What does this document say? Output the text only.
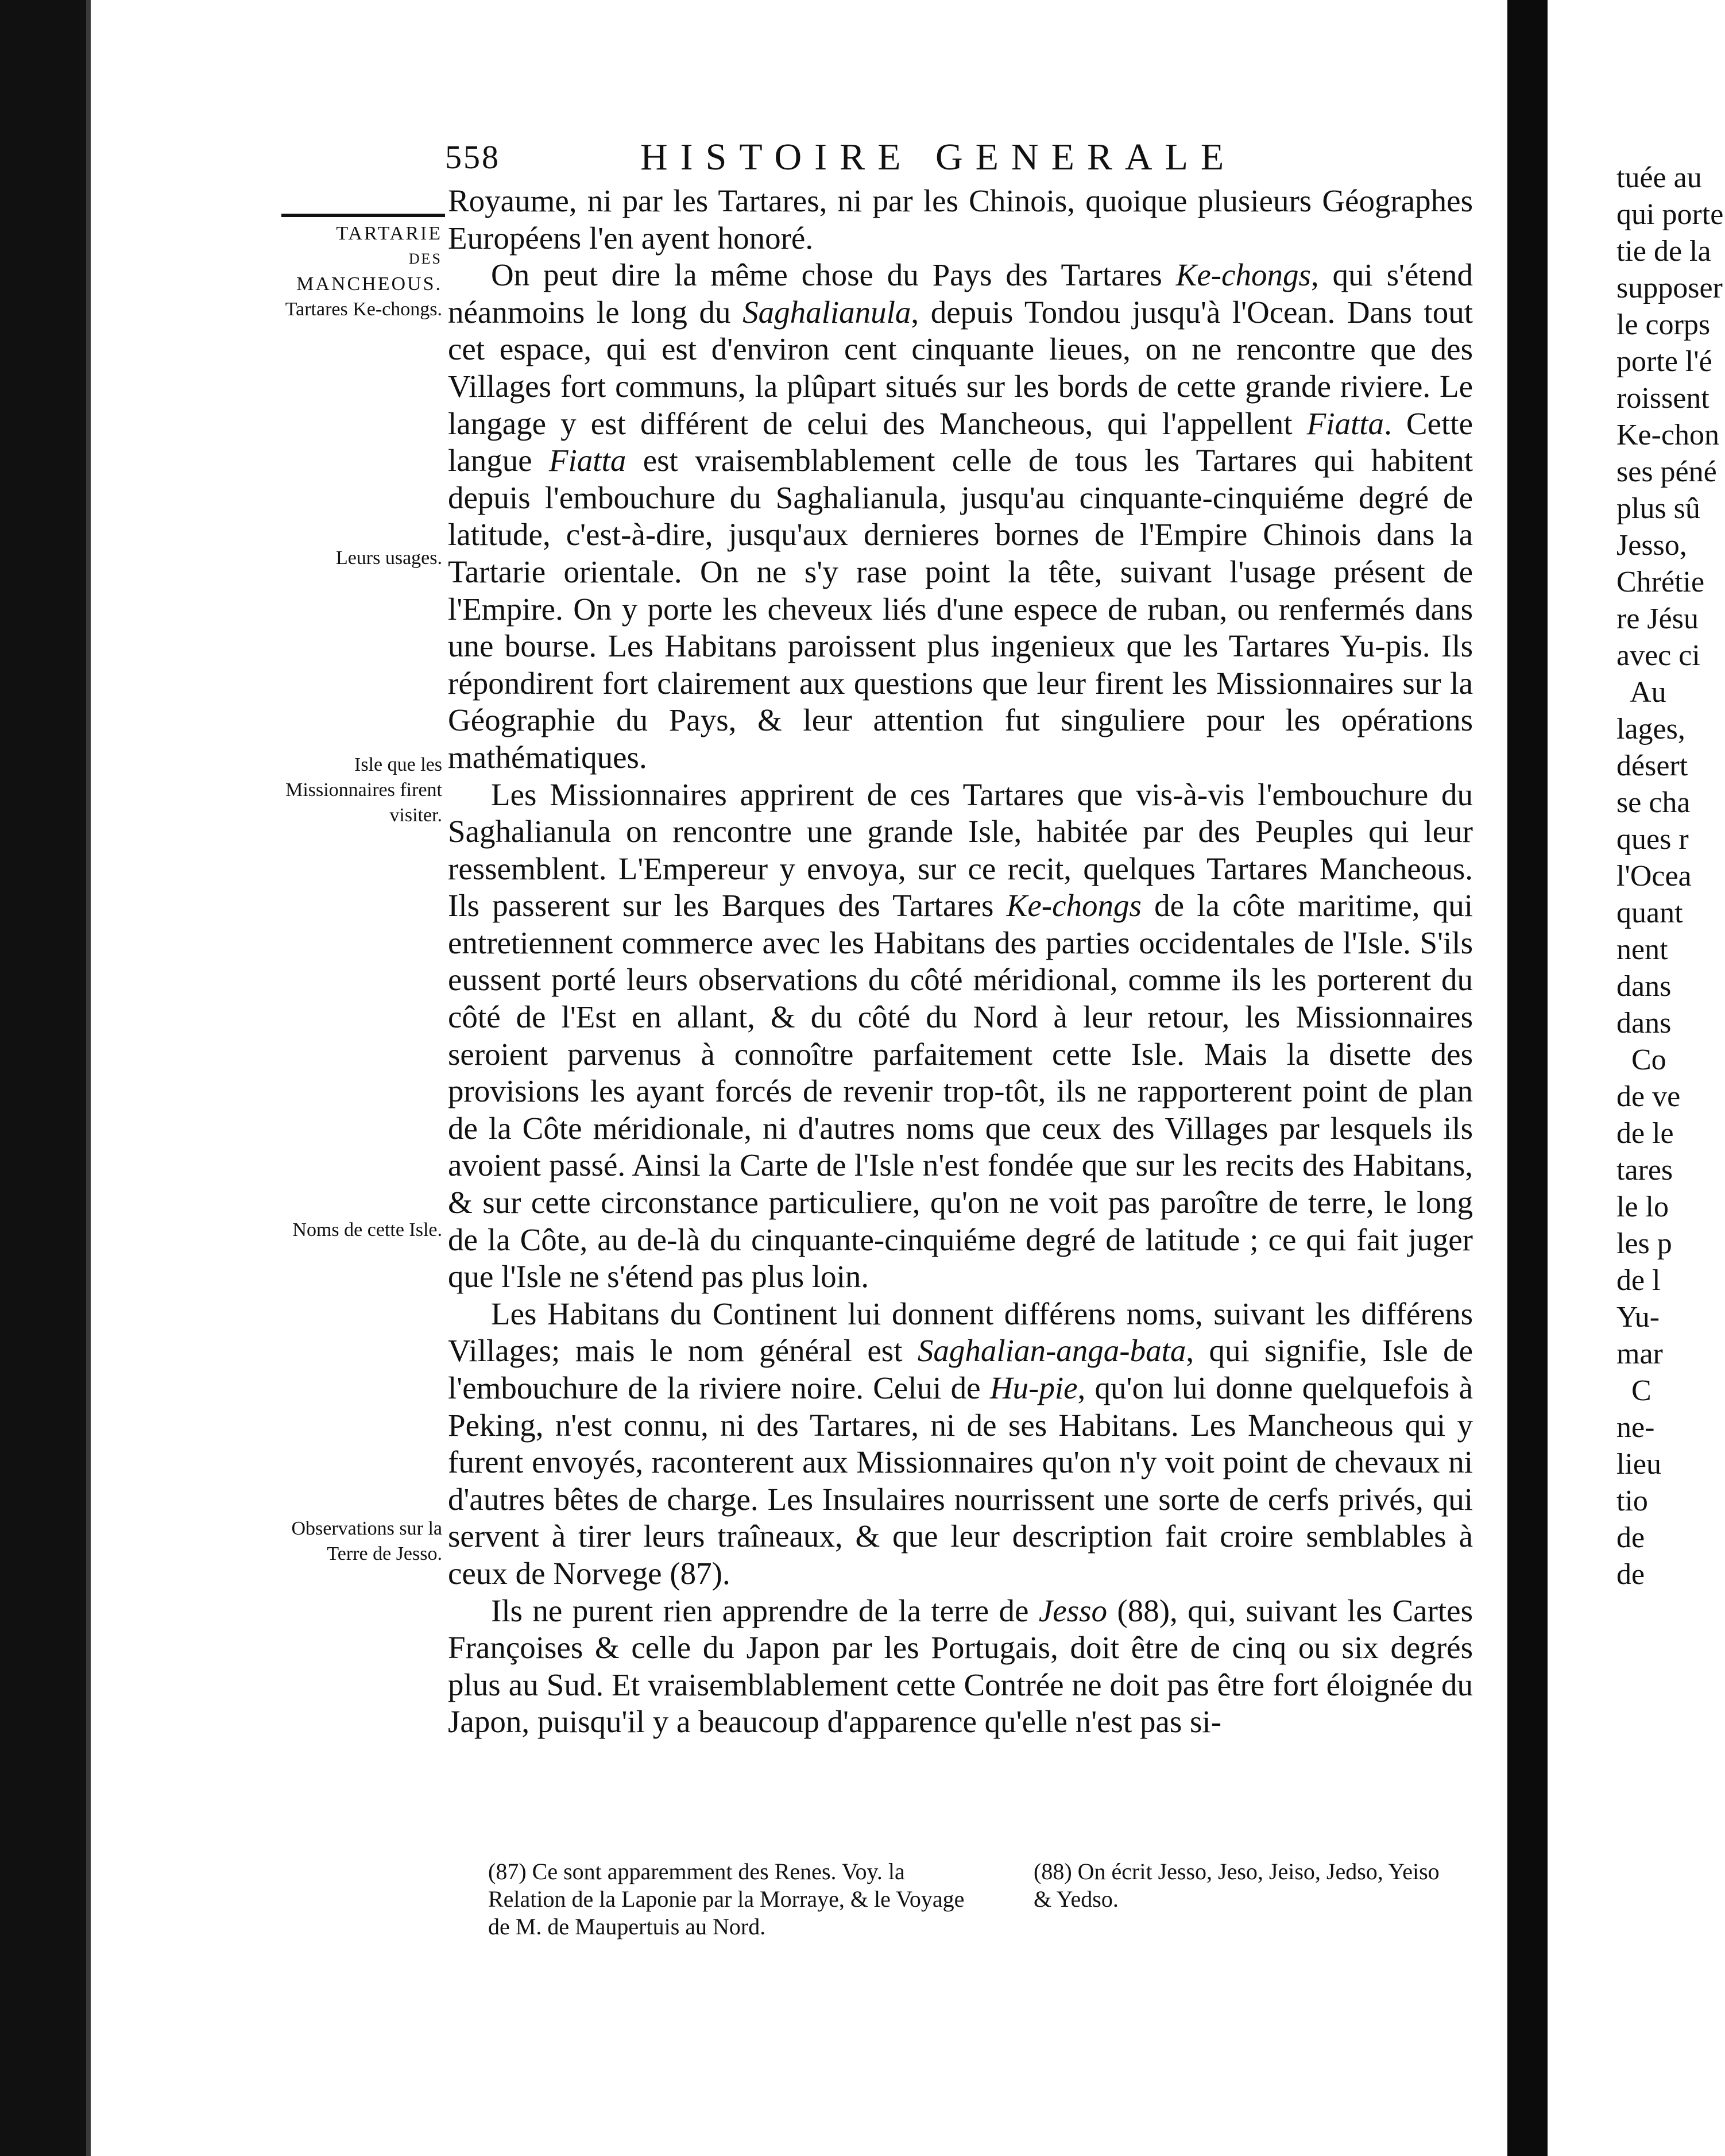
558	HISTOIRE GENERALE
TARTARIE
DES
MANCHEOUS.
Tartares Ke-chongs.
Leurs usages.
Isle que les Missionnaires firent visiter.
Noms de cette Isle.
Observations sur la Terre de Jesso.

Royaume, ni par les Tartares, ni par les Chinois, quoique plusieurs Géographes Européens l'en ayent honoré.

On peut dire la même chose du Pays des Tartares Ke-chongs, qui s'étend néanmoins le long du Saghalianula, depuis Tondou jusqu'à l'Ocean. Dans tout cet espace, qui est d'environ cent cinquante lieues, on ne rencontre que des Villages fort communs, la plûpart situés sur les bords de cette grande riviere. Le langage y est différent de celui des Mancheous, qui l'appellent Fiatta. Cette langue Fiatta est vraisemblablement celle de tous les Tartares qui habitent depuis l'embouchure du Saghalianula, jusqu'au cinquante-cinquiéme degré de latitude, c'est-à-dire, jusqu'aux dernieres bornes de l'Empire Chinois dans la Tartarie orientale. On ne s'y rase point la tête, suivant l'usage présent de l'Empire. On y porte les cheveux liés d'une espece de ruban, ou renfermés dans une bourse. Les Habitans paroissent plus ingenieux que les Tartares Yu-pis. Ils répondirent fort clairement aux questions que leur firent les Missionnaires sur la Géographie du Pays, & leur attention fut singuliere pour les opérations mathématiques.

Les Missionnaires apprirent de ces Tartares que vis-à-vis l'embouchure du Saghalianula on rencontre une grande Isle, habitée par des Peuples qui leur ressemblent. L'Empereur y envoya, sur ce recit, quelques Tartares Mancheous. Ils passerent sur les Barques des Tartares Ke-chongs de la côte maritime, qui entretiennent commerce avec les Habitans des parties occidentales de l'Isle. S'ils eussent porté leurs observations du côté méridional, comme ils les porterent du côté de l'Est en allant, & du côté du Nord à leur retour, les Missionnaires seroient parvenus à connoître parfaitement cette Isle. Mais la disette des provisions les ayant forcés de revenir trop-tôt, ils ne rapporterent point de plan de la Côte méridionale, ni d'autres noms que ceux des Villages par lesquels ils avoient passé. Ainsi la Carte de l'Isle n'est fondée que sur les recits des Habitans, & sur cette circonstance particuliere, qu'on ne voit pas paroître de terre, le long de la Côte, au de-là du cinquante-cinquiéme degré de latitude ; ce qui fait juger que l'Isle ne s'étend pas plus loin.

Les Habitans du Continent lui donnent différens noms, suivant les différens Villages; mais le nom général est Saghalian-anga-bata, qui signifie, Isle de l'embouchure de la riviere noire. Celui de Hu-pie, qu'on lui donne quelquefois à Peking, n'est connu, ni des Tartares, ni de ses Habitans. Les Mancheous qui y furent envoyés, raconterent aux Missionnaires qu'on n'y voit point de chevaux ni d'autres bêtes de charge. Les Insulaires nourrissent une sorte de cerfs privés, qui servent à tirer leurs traîneaux, & que leur description fait croire semblables à ceux de Norvege (87).

Ils ne purent rien apprendre de la terre de Jesso (88), qui, suivant les Cartes Françoises & celle du Japon par les Portugais, doit être de cinq ou six degrés plus au Sud. Et vraisemblablement cette Contrée ne doit pas être fort éloignée du Japon, puisqu'il y a beaucoup d'apparence qu'elle n'est pas si-

(87) Ce sont apparemment des Renes. Voy. la Relation de la Laponie par la Morraye, & le Voyage de M. de Maupertuis au Nord.
(88) On écrit Jesso, Jeso, Jeiso, Jedso, Yeiso & Yedso.
tuée au
qui porte
tie de la
supposer
le corps
porte l'é
roissent
Ke-chon
ses péné
plus sû
Jesso,
Chrétie
re Jésu
avec ci
Au
lages,
désert
se cha
ques r
l'Ocea
quant
nent
dans
dans
Co
de ve
de le
tares
le lo
les p
de l
Yu-
mar
C
ne-
lieu
tio
de
de
